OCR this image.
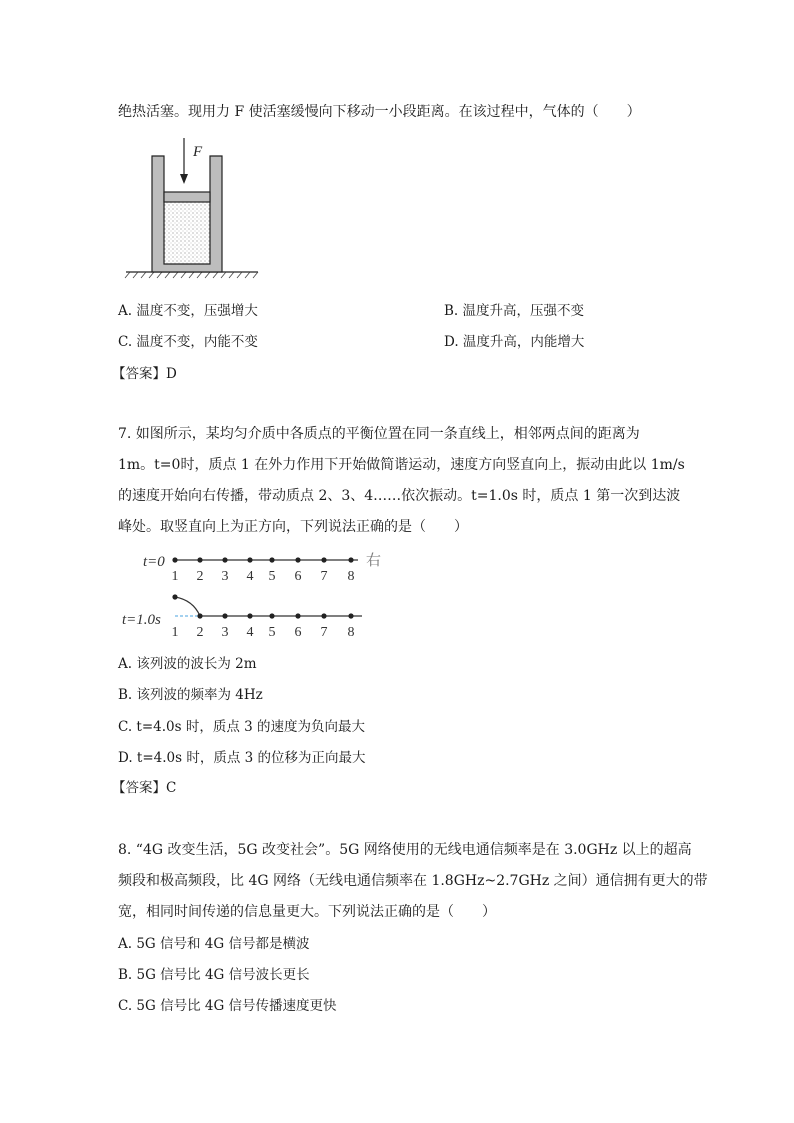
绝热活塞。现用力 F 使活塞缓慢向下移动一小段距离。在该过程中，气体的（　　）
F
A. 温度不变，压强增大	B. 温度升高，压强不变
C. 温度不变，内能不变	D. 温度升高，内能增大
【答案】D
7. 如图所示，某均匀介质中各质点的平衡位置在同一条直线上，相邻两点间的距离为
1m。t=0时，质点 1 在外力作用下开始做简谐运动，速度方向竖直向上，振动由此以 1m/s
的速度开始向右传播，带动质点 2、3、4……依次振动。t=1.0s 时，质点 1 第一次到达波
峰处。取竖直向上为正方向，下列说法正确的是（　　）
t=0	右
1 2 3 4 5 6 7 8
t=1.0s
1 2 3 4 5 6 7 8
A. 该列波的波长为 2m
B. 该列波的频率为 4Hz
C. t=4.0s 时，质点 3 的速度为负向最大
D. t=4.0s 时，质点 3 的位移为正向最大
【答案】C
8. “4G 改变生活，5G 改变社会”。5G 网络使用的无线电通信频率是在 3.0GHz 以上的超高
频段和极高频段，比 4G 网络（无线电通信频率在 1.8GHz~2.7GHz 之间）通信拥有更大的带
宽，相同时间传递的信息量更大。下列说法正确的是（　　）
A. 5G 信号和 4G 信号都是横波
B. 5G 信号比 4G 信号波长更长
C. 5G 信号比 4G 信号传播速度更快
